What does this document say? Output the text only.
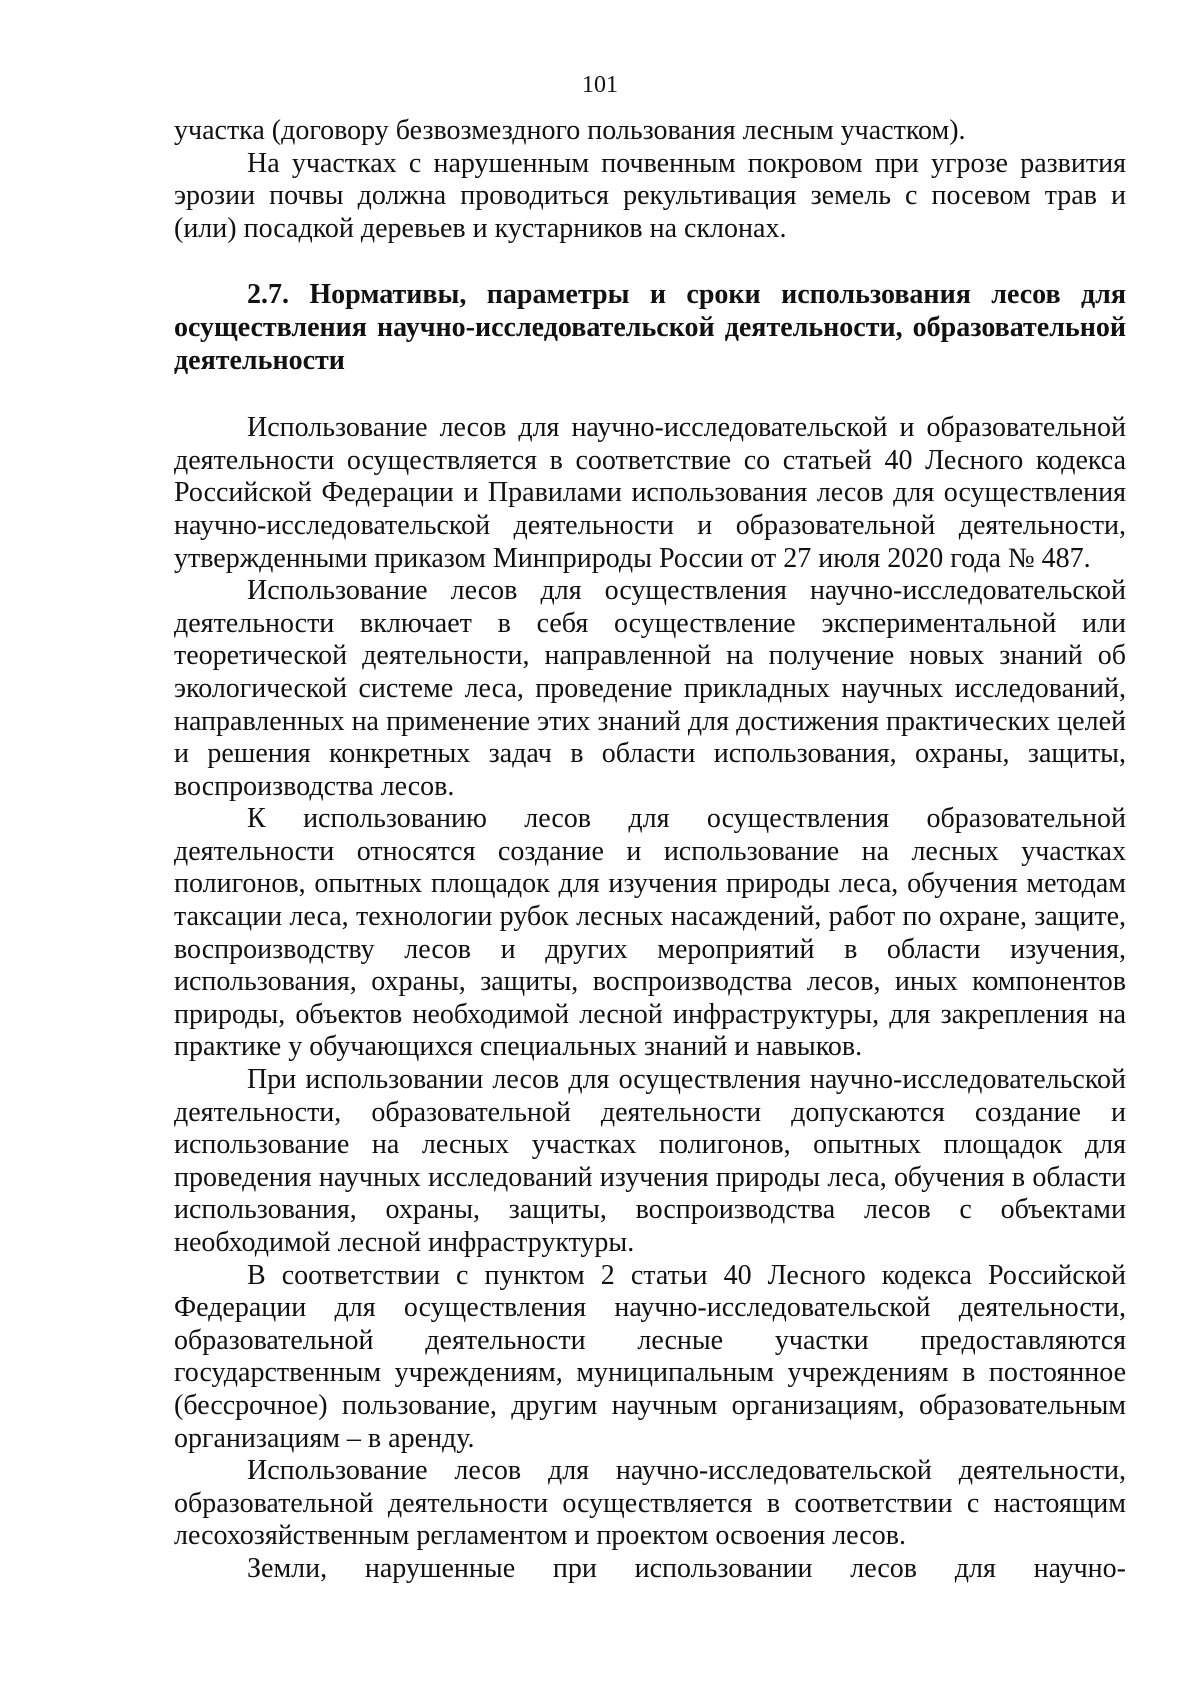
101

участка (договору безвозмездного пользования лесным участком).

На участках с нарушенным почвенным покровом при угрозе развития эрозии почвы должна проводиться рекультивация земель с посевом трав и (или) посадкой деревьев и кустарников на склонах.

2.7. Нормативы, параметры и сроки использования лесов для осуществления научно-исследовательской деятельности, образовательной деятельности

Использование лесов для научно-исследовательской и образовательной деятельности осуществляется в соответствие со статьей 40 Лесного кодекса Российской Федерации и Правилами использования лесов для осуществления научно-исследовательской деятельности и образовательной деятельности, утвержденными приказом Минприроды России от 27 июля 2020 года № 487.

Использование лесов для осуществления научно-исследовательской деятельности включает в себя осуществление экспериментальной или теоретической деятельности, направленной на получение новых знаний об экологической системе леса, проведение прикладных научных исследований, направленных на применение этих знаний для достижения практических целей и решения конкретных задач в области использования, охраны, защиты, воспроизводства лесов.

К использованию лесов для осуществления образовательной деятельности относятся создание и использование на лесных участках полигонов, опытных площадок для изучения природы леса, обучения методам таксации леса, технологии рубок лесных насаждений, работ по охране, защите, воспроизводству лесов и других мероприятий в области изучения, использования, охраны, защиты, воспроизводства лесов, иных компонентов природы, объектов необходимой лесной инфраструктуры, для закрепления на практике у обучающихся специальных знаний и навыков.

При использовании лесов для осуществления научно-исследовательской деятельности, образовательной деятельности допускаются создание и использование на лесных участках полигонов, опытных площадок для проведения научных исследований изучения природы леса, обучения в области использования, охраны, защиты, воспроизводства лесов с объектами необходимой лесной инфраструктуры.

В соответствии с пунктом 2 статьи 40 Лесного кодекса Российской Федерации для осуществления научно-исследовательской деятельности, образовательной деятельности лесные участки предоставляются государственным учреждениям, муниципальным учреждениям в постоянное (бессрочное) пользование, другим научным организациям, образовательным организациям – в аренду.

Использование лесов для научно-исследовательской деятельности, образовательной деятельности осуществляется в соответствии с настоящим лесохозяйственным регламентом и проектом освоения лесов.

Земли, нарушенные при использовании лесов для научно-
